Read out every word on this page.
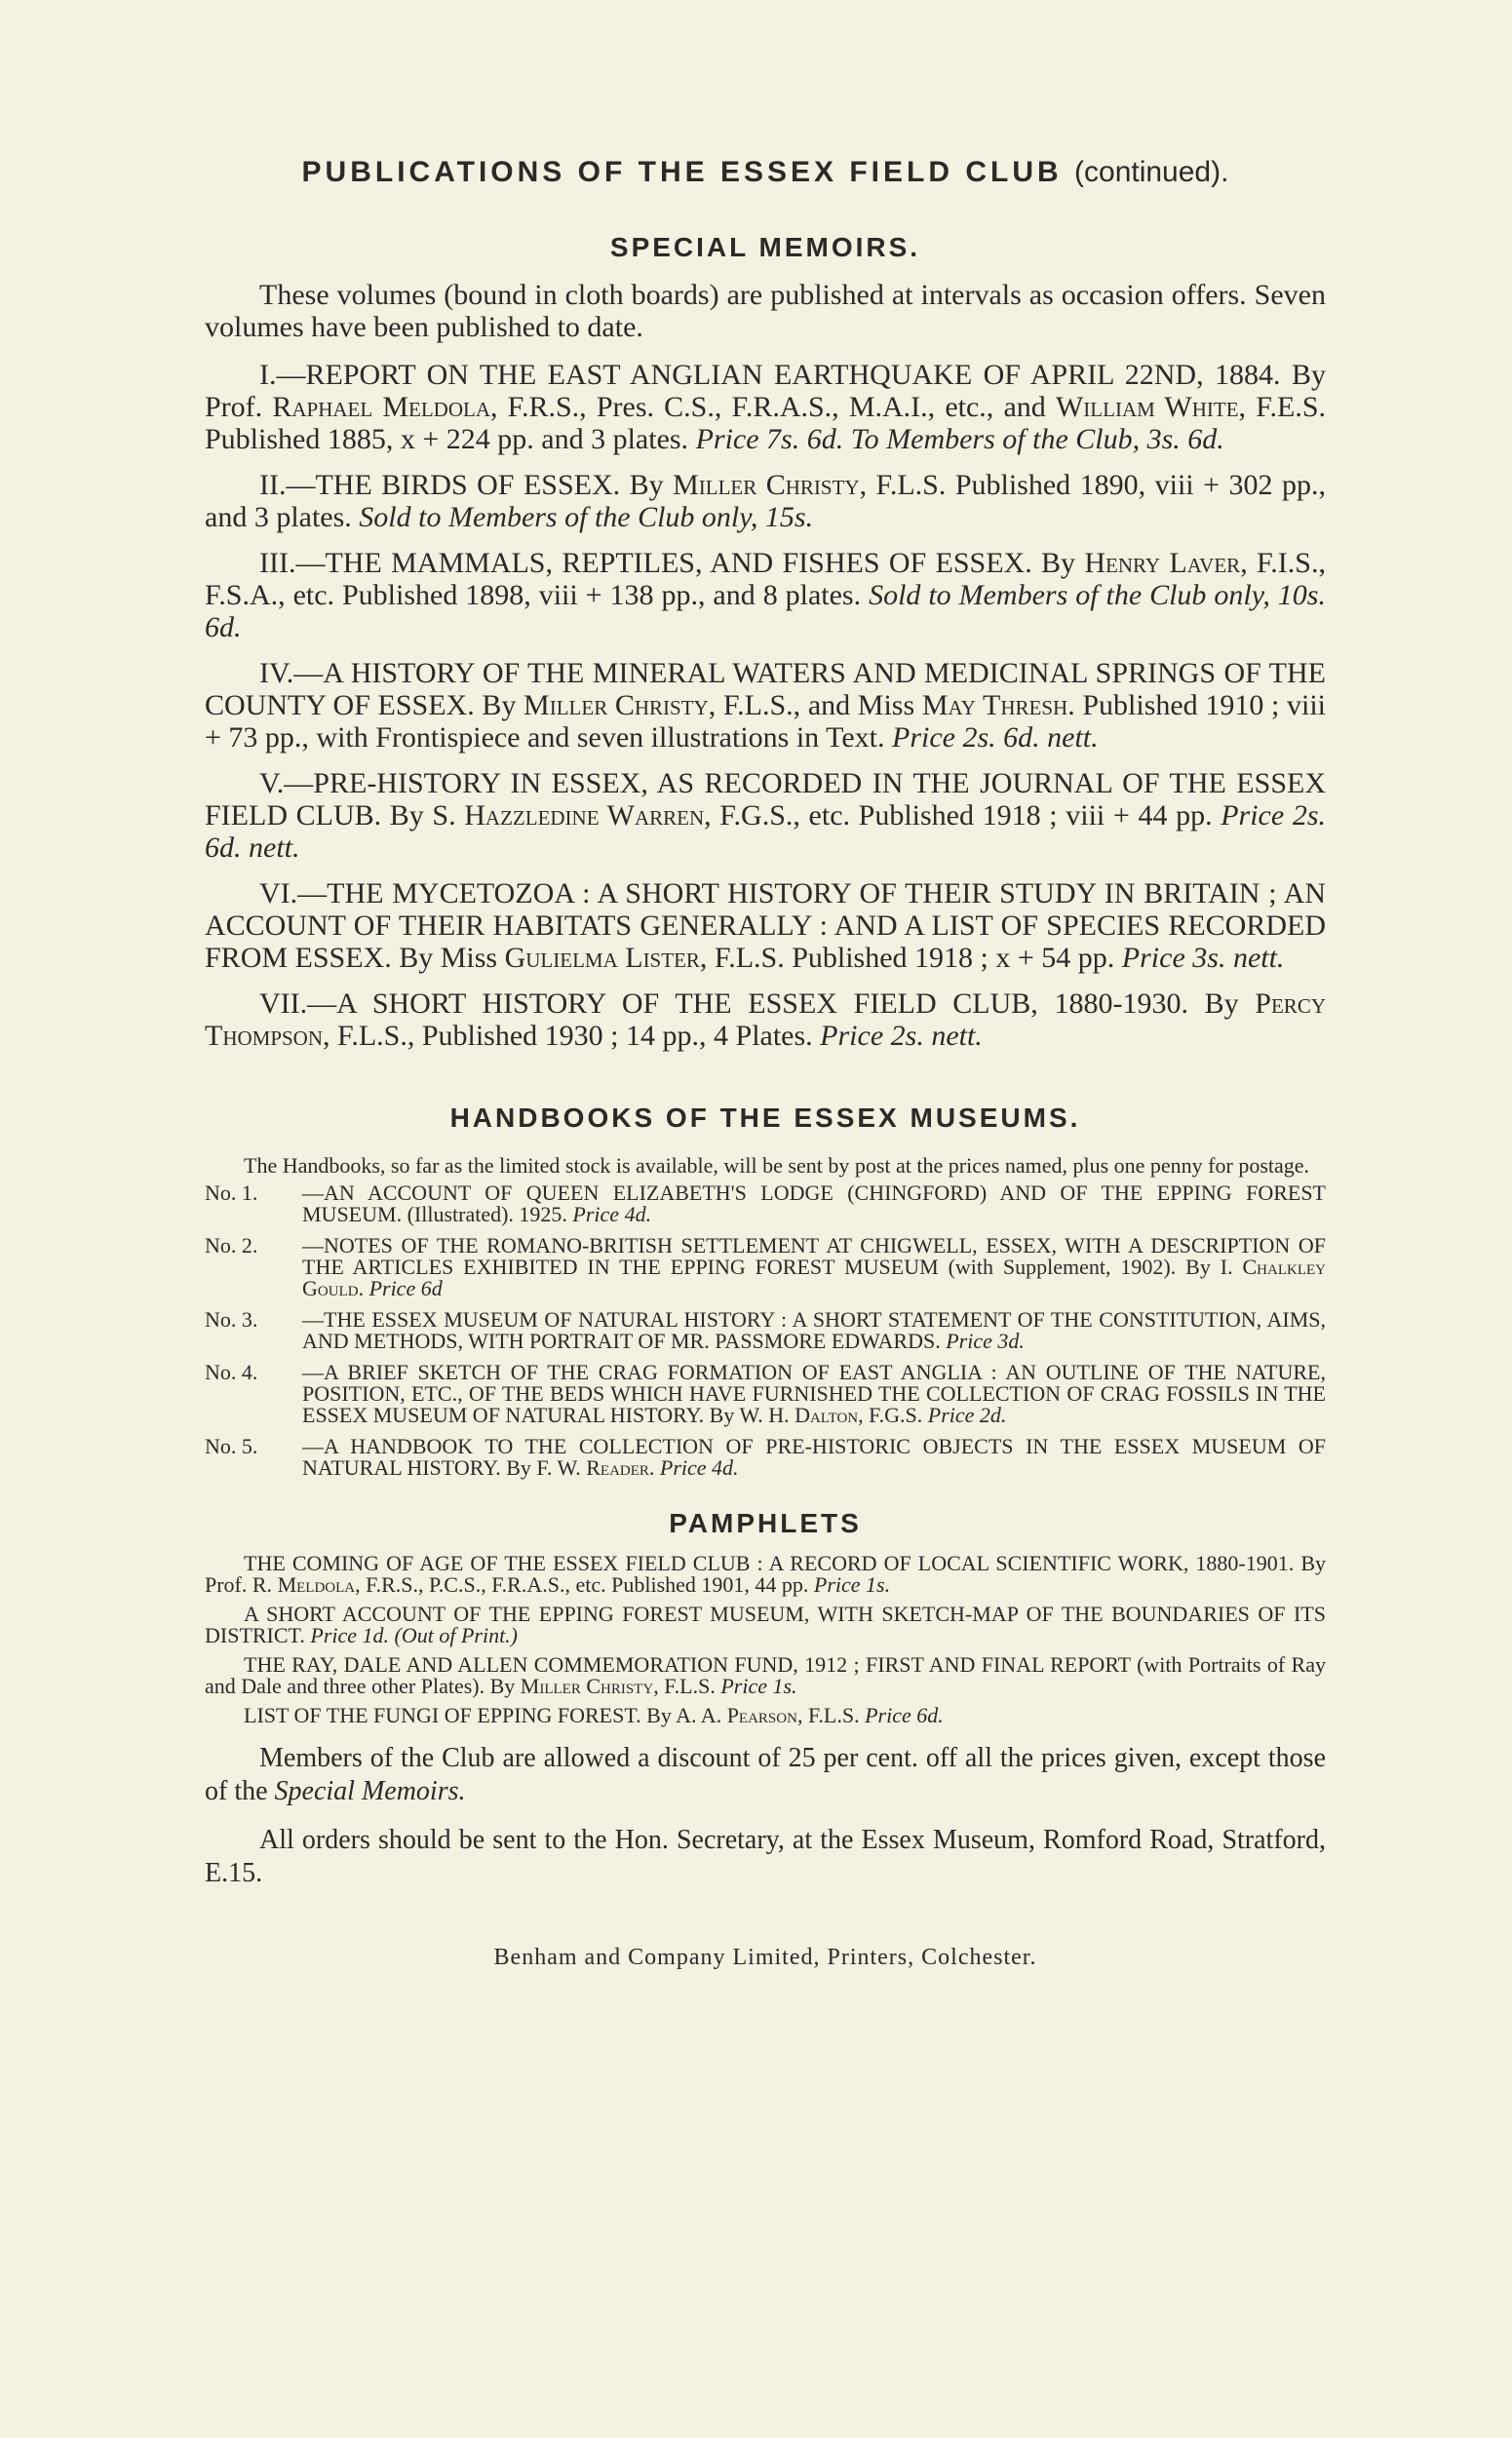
PUBLICATIONS OF THE ESSEX FIELD CLUB (continued).
SPECIAL MEMOIRS.

These volumes (bound in cloth boards) are published at intervals as occasion offers. Seven volumes have been published to date.

I.—REPORT ON THE EAST ANGLIAN EARTHQUAKE OF APRIL 22ND, 1884. By Prof. Raphael Meldola, F.R.S., Pres. C.S., F.R.A.S., M.A.I., etc., and William White, F.E.S. Published 1885, x + 224 pp. and 3 plates. Price 7s. 6d. To Members of the Club, 3s. 6d.

II.—THE BIRDS OF ESSEX. By Miller Christy, F.L.S. Published 1890, viii + 302 pp., and 3 plates. Sold to Members of the Club only, 15s.

III.—THE MAMMALS, REPTILES, AND FISHES OF ESSEX. By Henry Laver, F.I.S., F.S.A., etc. Published 1898, viii + 138 pp., and 8 plates. Sold to Members of the Club only, 10s. 6d.

IV.—A HISTORY OF THE MINERAL WATERS AND MEDICINAL SPRINGS OF THE COUNTY OF ESSEX. By Miller Christy, F.L.S., and Miss May Thresh. Published 1910 ; viii + 73 pp., with Frontispiece and seven illustrations in Text. Price 2s. 6d. nett.

V.—PRE-HISTORY IN ESSEX, AS RECORDED IN THE JOURNAL OF THE ESSEX FIELD CLUB. By S. Hazzledine Warren, F.G.S., etc. Published 1918 ; viii + 44 pp. Price 2s. 6d. nett.

VI.—THE MYCETOZOA : A SHORT HISTORY OF THEIR STUDY IN BRITAIN ; AN ACCOUNT OF THEIR HABITATS GENERALLY : AND A LIST OF SPECIES RECORDED FROM ESSEX. By Miss Gulielma Lister, F.L.S. Published 1918 ; x + 54 pp. Price 3s. nett.

VII.—A SHORT HISTORY OF THE ESSEX FIELD CLUB, 1880-1930. By Percy Thompson, F.L.S., Published 1930 ; 14 pp., 4 Plates. Price 2s. nett.

HANDBOOKS OF THE ESSEX MUSEUMS.

The Handbooks, so far as the limited stock is available, will be sent by post at the prices named, plus one penny for postage.

No. 1.	—AN ACCOUNT OF QUEEN ELIZABETH'S LODGE (CHINGFORD) AND OF THE EPPING FOREST MUSEUM. (Illustrated). 1925. Price 4d.
No. 2.	—NOTES OF THE ROMANO-BRITISH SETTLEMENT AT CHIGWELL, ESSEX, WITH A DESCRIPTION OF THE ARTICLES EXHIBITED IN THE EPPING FOREST MUSEUM (with Supplement, 1902). By I. Chalkley Gould. Price 6d
No. 3.	—THE ESSEX MUSEUM OF NATURAL HISTORY : A SHORT STATEMENT OF THE CONSTITUTION, AIMS, AND METHODS, WITH PORTRAIT OF MR. PASSMORE EDWARDS. Price 3d.
No. 4.	—A BRIEF SKETCH OF THE CRAG FORMATION OF EAST ANGLIA : AN OUTLINE OF THE NATURE, POSITION, ETC., OF THE BEDS WHICH HAVE FURNISHED THE COLLECTION OF CRAG FOSSILS IN THE ESSEX MUSEUM OF NATURAL HISTORY. By W. H. Dalton, F.G.S. Price 2d.
No. 5.	—A HANDBOOK TO THE COLLECTION OF PRE-HISTORIC OBJECTS IN THE ESSEX MUSEUM OF NATURAL HISTORY. By F. W. Reader. Price 4d.
PAMPHLETS

THE COMING OF AGE OF THE ESSEX FIELD CLUB : A RECORD OF LOCAL SCIENTIFIC WORK, 1880-1901. By Prof. R. Meldola, F.R.S., P.C.S., F.R.A.S., etc. Published 1901, 44 pp. Price 1s.

A SHORT ACCOUNT OF THE EPPING FOREST MUSEUM, WITH SKETCH-MAP OF THE BOUNDARIES OF ITS DISTRICT. Price 1d. (Out of Print.)

THE RAY, DALE AND ALLEN COMMEMORATION FUND, 1912 ; FIRST AND FINAL REPORT (with Portraits of Ray and Dale and three other Plates). By Miller Christy, F.L.S. Price 1s.

LIST OF THE FUNGI OF EPPING FOREST. By A. A. Pearson, F.L.S. Price 6d.

Members of the Club are allowed a discount of 25 per cent. off all the prices given, except those of the Special Memoirs.

All orders should be sent to the Hon. Secretary, at the Essex Museum, Romford Road, Stratford, E.15.

Benham and Company Limited, Printers, Colchester.
